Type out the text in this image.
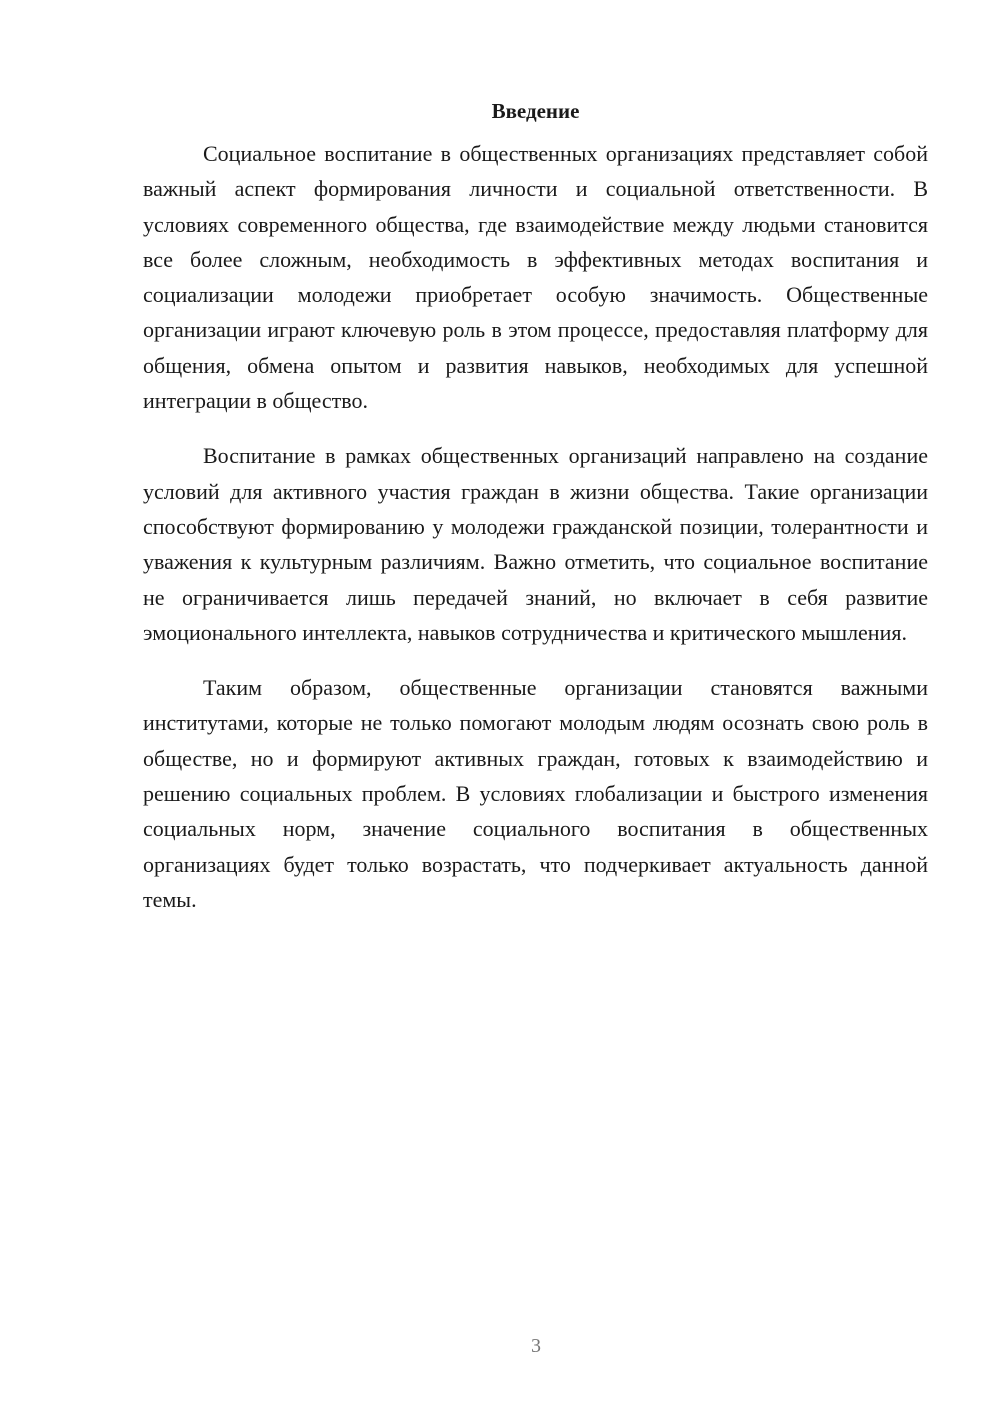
Введение

Социальное воспитание в общественных организациях представляет собой важный аспект формирования личности и социальной ответственности. В условиях современного общества, где взаимодействие между людьми становится все более сложным, необходимость в эффективных методах воспитания и социализации молодежи приобретает особую значимость. Общественные организации играют ключевую роль в этом процессе, предоставляя платформу для общения, обмена опытом и развития навыков, необходимых для успешной интеграции в общество.

Воспитание в рамках общественных организаций направлено на создание условий для активного участия граждан в жизни общества. Такие организации способствуют формированию у молодежи гражданской позиции, толерантности и уважения к культурным различиям. Важно отметить, что социальное воспитание не ограничивается лишь передачей знаний, но включает в себя развитие эмоционального интеллекта, навыков сотрудничества и критического мышления.

Таким образом, общественные организации становятся важными институтами, которые не только помогают молодым людям осознать свою роль в обществе, но и формируют активных граждан, готовых к взаимодействию и решению социальных проблем. В условиях глобализации и быстрого изменения социальных норм, значение социального воспитания в общественных организациях будет только возрастать, что подчеркивает актуальность данной темы.

3
